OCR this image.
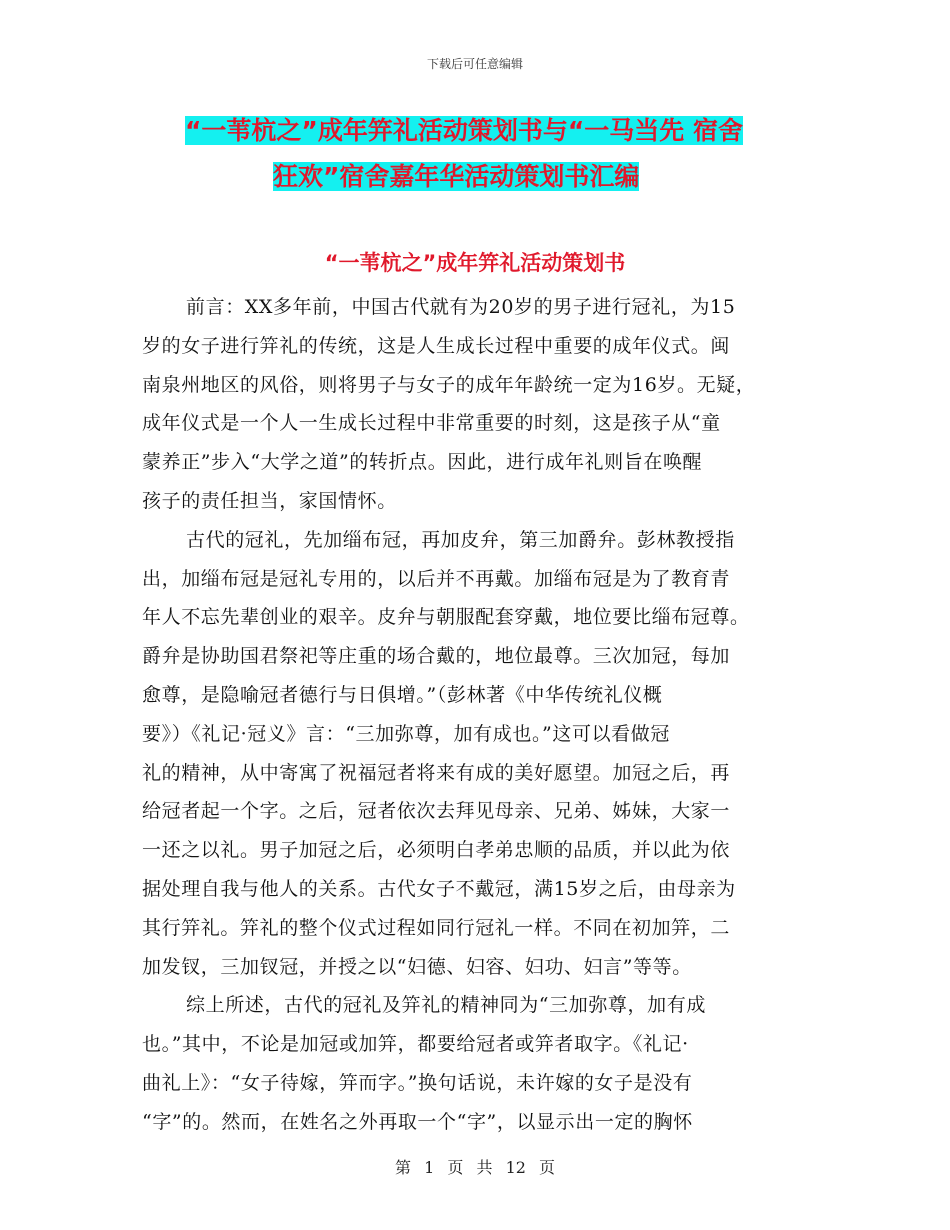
下载后可任意编辑
“一苇杭之”成年笄礼活动策划书与“一马当先 宿舍
狂欢”宿舍嘉年华活动策划书汇编
“一苇杭之”成年笄礼活动策划书
前言：XX多年前，中国古代就有为20岁的男子进行冠礼，为15
岁的女子进行笄礼的传统，这是人生成长过程中重要的成年仪式。闽
南泉州地区的风俗，则将男子与女子的成年年龄统一定为16岁。无疑，
成年仪式是一个人一生成长过程中非常重要的时刻，这是孩子从“童
蒙养正”步入“大学之道”的转折点。因此，进行成年礼则旨在唤醒
孩子的责任担当，家国情怀。
古代的冠礼，先加缁布冠，再加皮弁，第三加爵弁。彭林教授指
出，加缁布冠是冠礼专用的，以后并不再戴。加缁布冠是为了教育青
年人不忘先辈创业的艰辛。皮弁与朝服配套穿戴，地位要比缁布冠尊。
爵弁是协助国君祭祀等庄重的场合戴的，地位最尊。三次加冠，每加
愈尊，是隐喻冠者德行与日俱增。”（彭林著《中华传统礼仪概
要》）《礼记·冠义》言：“三加弥尊，加有成也。”这可以看做冠
礼的精神，从中寄寓了祝福冠者将来有成的美好愿望。加冠之后，再
给冠者起一个字。之后，冠者依次去拜见母亲、兄弟、姊妹，大家一
一还之以礼。男子加冠之后，必须明白孝弟忠顺的品质，并以此为依
据处理自我与他人的关系。古代女子不戴冠，满15岁之后，由母亲为
其行笄礼。笄礼的整个仪式过程如同行冠礼一样。不同在初加笄，二
加发钗，三加钗冠，并授之以“妇德、妇容、妇功、妇言”等等。
综上所述，古代的冠礼及笄礼的精神同为“三加弥尊，加有成
也。”其中，不论是加冠或加笄，都要给冠者或笄者取字。《礼记·
曲礼上》：“女子待嫁，笄而字。”换句话说，未许嫁的女子是没有
“字”的。然而，在姓名之外再取一个“字”，以显示出一定的胸怀
第 1 页 共 12 页
